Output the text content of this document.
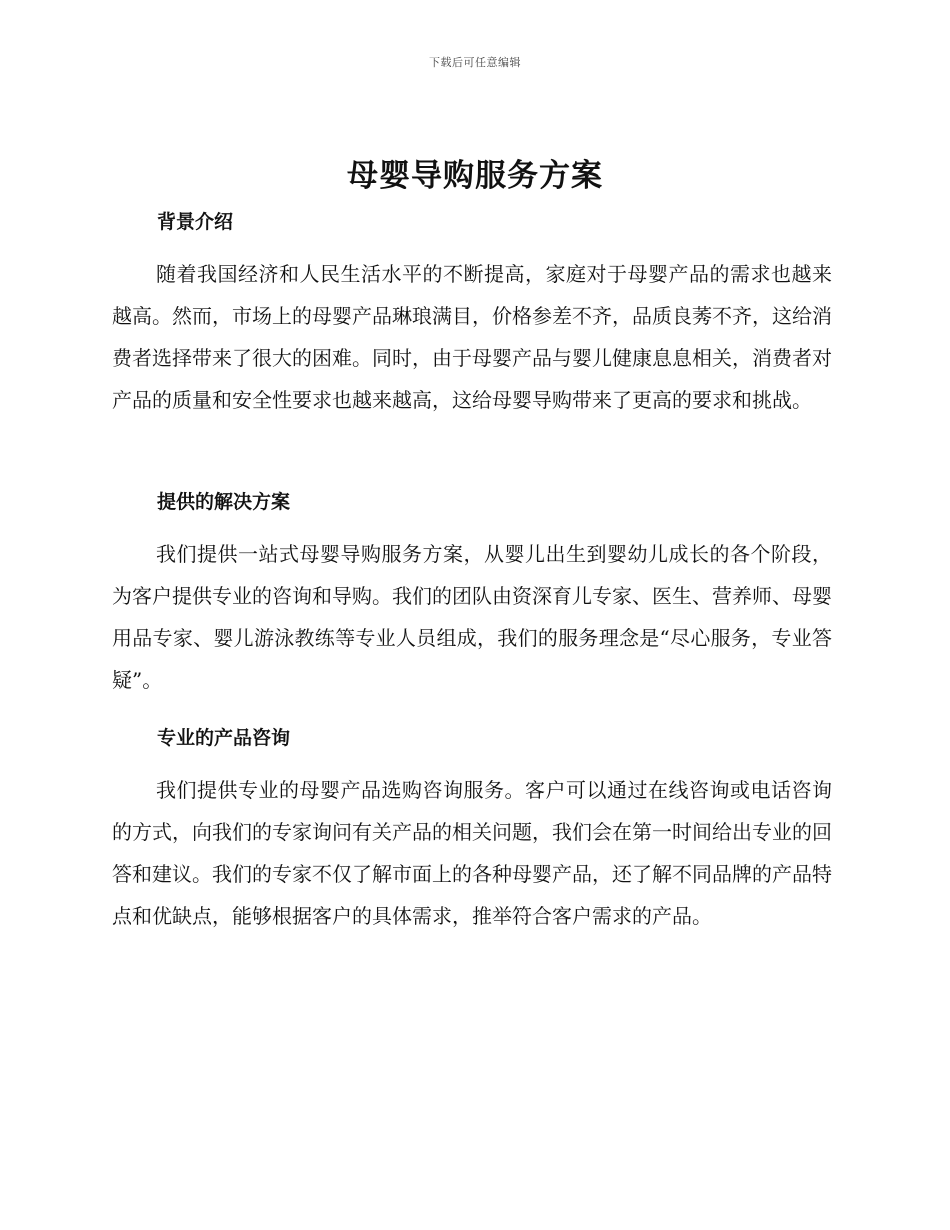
下载后可任意编辑
母婴导购服务方案
背景介绍

随着我国经济和人民生活水平的不断提高，家庭对于母婴产品的需求也越来越高。然而，市场上的母婴产品琳琅满目，价格参差不齐，品质良莠不齐，这给消费者选择带来了很大的困难。同时，由于母婴产品与婴儿健康息息相关，消费者对产品的质量和安全性要求也越来越高，这给母婴导购带来了更高的要求和挑战。

提供的解决方案

我们提供一站式母婴导购服务方案，从婴儿出生到婴幼儿成长的各个阶段，为客户提供专业的咨询和导购。我们的团队由资深育儿专家、医生、营养师、母婴用品专家、婴儿游泳教练等专业人员组成，我们的服务理念是“尽心服务，专业答疑”。

专业的产品咨询

我们提供专业的母婴产品选购咨询服务。客户可以通过在线咨询或电话咨询的方式，向我们的专家询问有关产品的相关问题，我们会在第一时间给出专业的回答和建议。我们的专家不仅了解市面上的各种母婴产品，还了解不同品牌的产品特点和优缺点，能够根据客户的具体需求，推举符合客户需求的产品。
